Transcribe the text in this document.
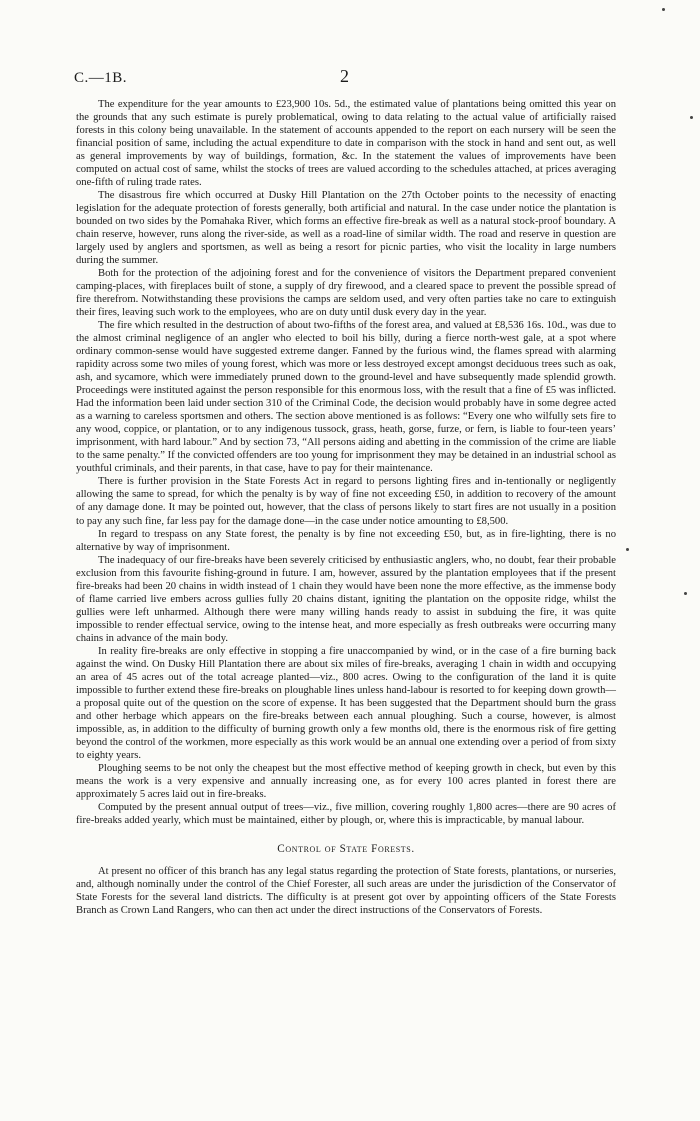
C.—1B.	2

The expenditure for the year amounts to £23,900 10s. 5d., the estimated value of plantations being omitted this year on the grounds that any such estimate is purely problematical, owing to data relating to the actual value of artificially raised forests in this colony being unavailable. In the statement of accounts appended to the report on each nursery will be seen the financial position of same, including the actual expenditure to date in comparison with the stock in hand and sent out, as well as general improvements by way of buildings, formation, &c. In the statement the values of improvements have been computed on actual cost of same, whilst the stocks of trees are valued according to the schedules attached, at prices averaging one-fifth of ruling trade rates.

The disastrous fire which occurred at Dusky Hill Plantation on the 27th October points to the necessity of enacting legislation for the adequate protection of forests generally, both artificial and natural. In the case under notice the plantation is bounded on two sides by the Pomahaka River, which forms an effective fire-break as well as a natural stock-proof boundary. A chain reserve, however, runs along the river-side, as well as a road-line of similar width. The road and reserve in question are largely used by anglers and sportsmen, as well as being a resort for picnic parties, who visit the locality in large numbers during the summer.

Both for the protection of the adjoining forest and for the convenience of visitors the Department prepared convenient camping-places, with fireplaces built of stone, a supply of dry firewood, and a cleared space to prevent the possible spread of fire therefrom. Notwithstanding these provisions the camps are seldom used, and very often parties take no care to extinguish their fires, leaving such work to the employees, who are on duty until dusk every day in the year.

The fire which resulted in the destruction of about two-fifths of the forest area, and valued at £8,536 16s. 10d., was due to the almost criminal negligence of an angler who elected to boil his billy, during a fierce north-west gale, at a spot where ordinary common-sense would have suggested extreme danger. Fanned by the furious wind, the flames spread with alarming rapidity across some two miles of young forest, which was more or less destroyed except amongst deciduous trees such as oak, ash, and sycamore, which were immediately pruned down to the ground-level and have subsequently made splendid growth. Proceedings were instituted against the person responsible for this enormous loss, with the result that a fine of £5 was inflicted. Had the information been laid under section 310 of the Criminal Code, the decision would probably have in some degree acted as a warning to careless sportsmen and others. The section above mentioned is as follows: “Every one who wilfully sets fire to any wood, coppice, or plantation, or to any indigenous tussock, grass, heath, gorse, furze, or fern, is liable to four-teen years’ imprisonment, with hard labour.” And by section 73, “All persons aiding and abetting in the commission of the crime are liable to the same penalty.” If the convicted offenders are too young for imprisonment they may be detained in an industrial school as youthful criminals, and their parents, in that case, have to pay for their maintenance.

There is further provision in the State Forests Act in regard to persons lighting fires and in-tentionally or negligently allowing the same to spread, for which the penalty is by way of fine not exceeding £50, in addition to recovery of the amount of any damage done. It may be pointed out, however, that the class of persons likely to start fires are not usually in a position to pay any such fine, far less pay for the damage done—in the case under notice amounting to £8,500.

In regard to trespass on any State forest, the penalty is by fine not exceeding £50, but, as in fire-lighting, there is no alternative by way of imprisonment.

The inadequacy of our fire-breaks have been severely criticised by enthusiastic anglers, who, no doubt, fear their probable exclusion from this favourite fishing-ground in future. I am, however, assured by the plantation employees that if the present fire-breaks had been 20 chains in width instead of 1 chain they would have been none the more effective, as the immense body of flame carried live embers across gullies fully 20 chains distant, igniting the plantation on the opposite ridge, whilst the gullies were left unharmed. Although there were many willing hands ready to assist in subduing the fire, it was quite impossible to render effectual service, owing to the intense heat, and more especially as fresh outbreaks were occurring many chains in advance of the main body.

In reality fire-breaks are only effective in stopping a fire unaccompanied by wind, or in the case of a fire burning back against the wind. On Dusky Hill Plantation there are about six miles of fire-breaks, averaging 1 chain in width and occupying an area of 45 acres out of the total acreage planted—viz., 800 acres. Owing to the configuration of the land it is quite impossible to further extend these fire-breaks on ploughable lines unless hand-labour is resorted to for keeping down growth—a proposal quite out of the question on the score of expense. It has been suggested that the Department should burn the grass and other herbage which appears on the fire-breaks between each annual ploughing. Such a course, however, is almost impossible, as, in addition to the difficulty of burning growth only a few months old, there is the enormous risk of fire getting beyond the control of the workmen, more especially as this work would be an annual one extending over a period of from sixty to eighty years.

Ploughing seems to be not only the cheapest but the most effective method of keeping growth in check, but even by this means the work is a very expensive and annually increasing one, as for every 100 acres planted in forest there are approximately 5 acres laid out in fire-breaks.

Computed by the present annual output of trees—viz., five million, covering roughly 1,800 acres—there are 90 acres of fire-breaks added yearly, which must be maintained, either by plough, or, where this is impracticable, by manual labour.

Control of State Forests.

At present no officer of this branch has any legal status regarding the protection of State forests, plantations, or nurseries, and, although nominally under the control of the Chief Forester, all such areas are under the jurisdiction of the Conservator of State Forests for the several land districts. The difficulty is at present got over by appointing officers of the State Forests Branch as Crown Land Rangers, who can then act under the direct instructions of the Conservators of Forests.
